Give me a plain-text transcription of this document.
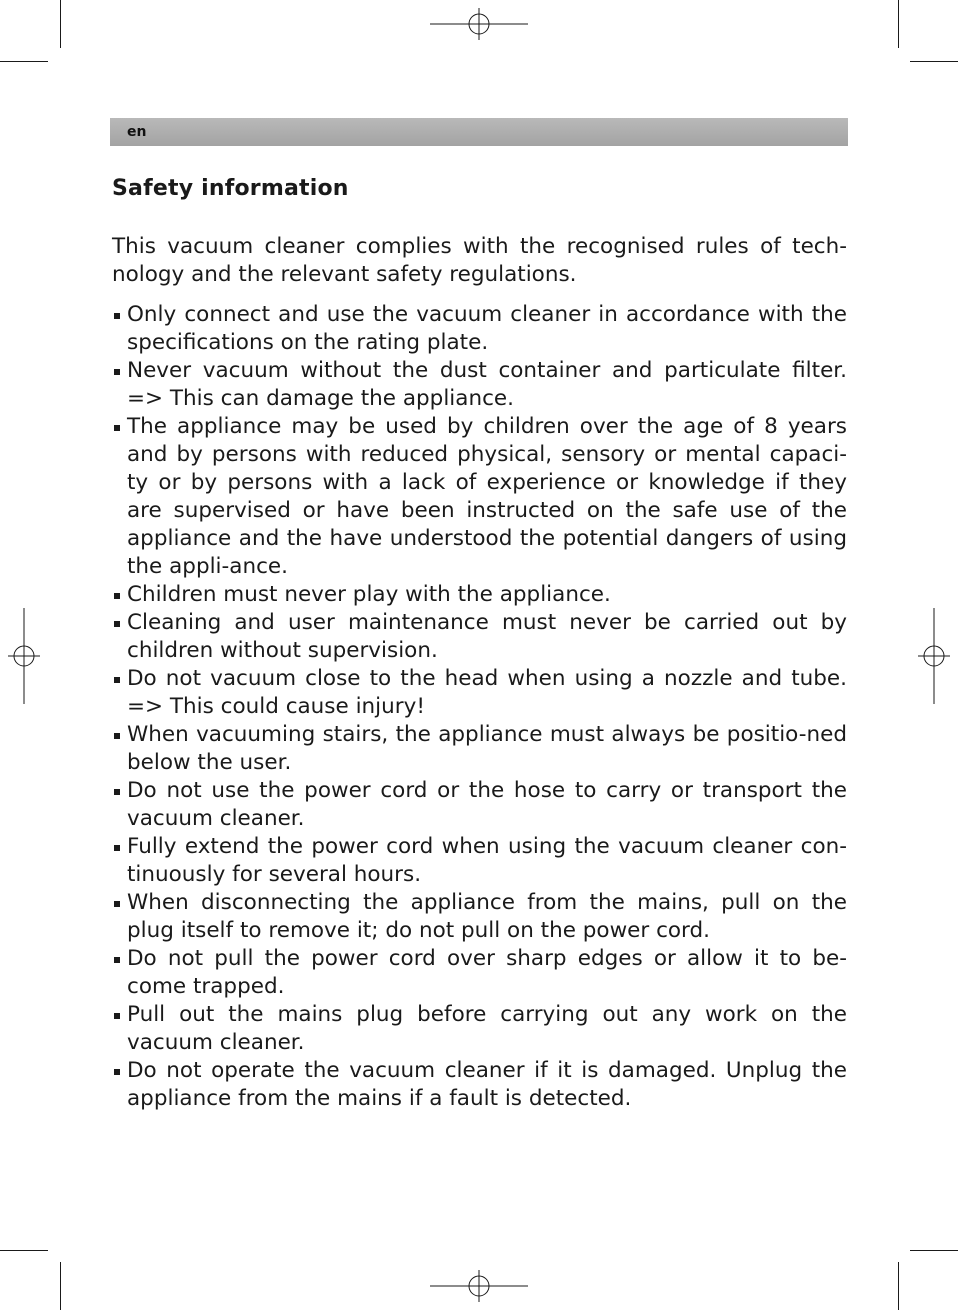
en
Safety information
This vacuum cleaner complies with the recognised rules of tech-nology and the relevant safety regulations.
Only connect and use the vacuum cleaner in accordance with the specifications on the rating plate.
Never vacuum without the dust container and particulate filter. => This can damage the appliance.
The appliance may be used by children over the age of 8 years and by persons with reduced physical, sensory or mental capaci-ty or by persons with a lack of experience or knowledge if they are supervised or have been instructed on the safe use of the appliance and the have understood the potential dangers of using the appli-ance.
Children must never play with the appliance.
Cleaning and user maintenance must never be carried out by children without supervision.
Do not vacuum close to the head when using a nozzle and tube. => This could cause injury!
When vacuuming stairs, the appliance must always be positio-ned below the user.
Do not use the power cord or the hose to carry or transport the vacuum cleaner.
Fully extend the power cord when using the vacuum cleaner con-tinuously for several hours.
When disconnecting the appliance from the mains, pull on the plug itself to remove it; do not pull on the power cord.
Do not pull the power cord over sharp edges or allow it to be-come trapped.
Pull out the mains plug before carrying out any work on the vacuum cleaner.
Do not operate the vacuum cleaner if it is damaged. Unplug the appliance from the mains if a fault is detected.
